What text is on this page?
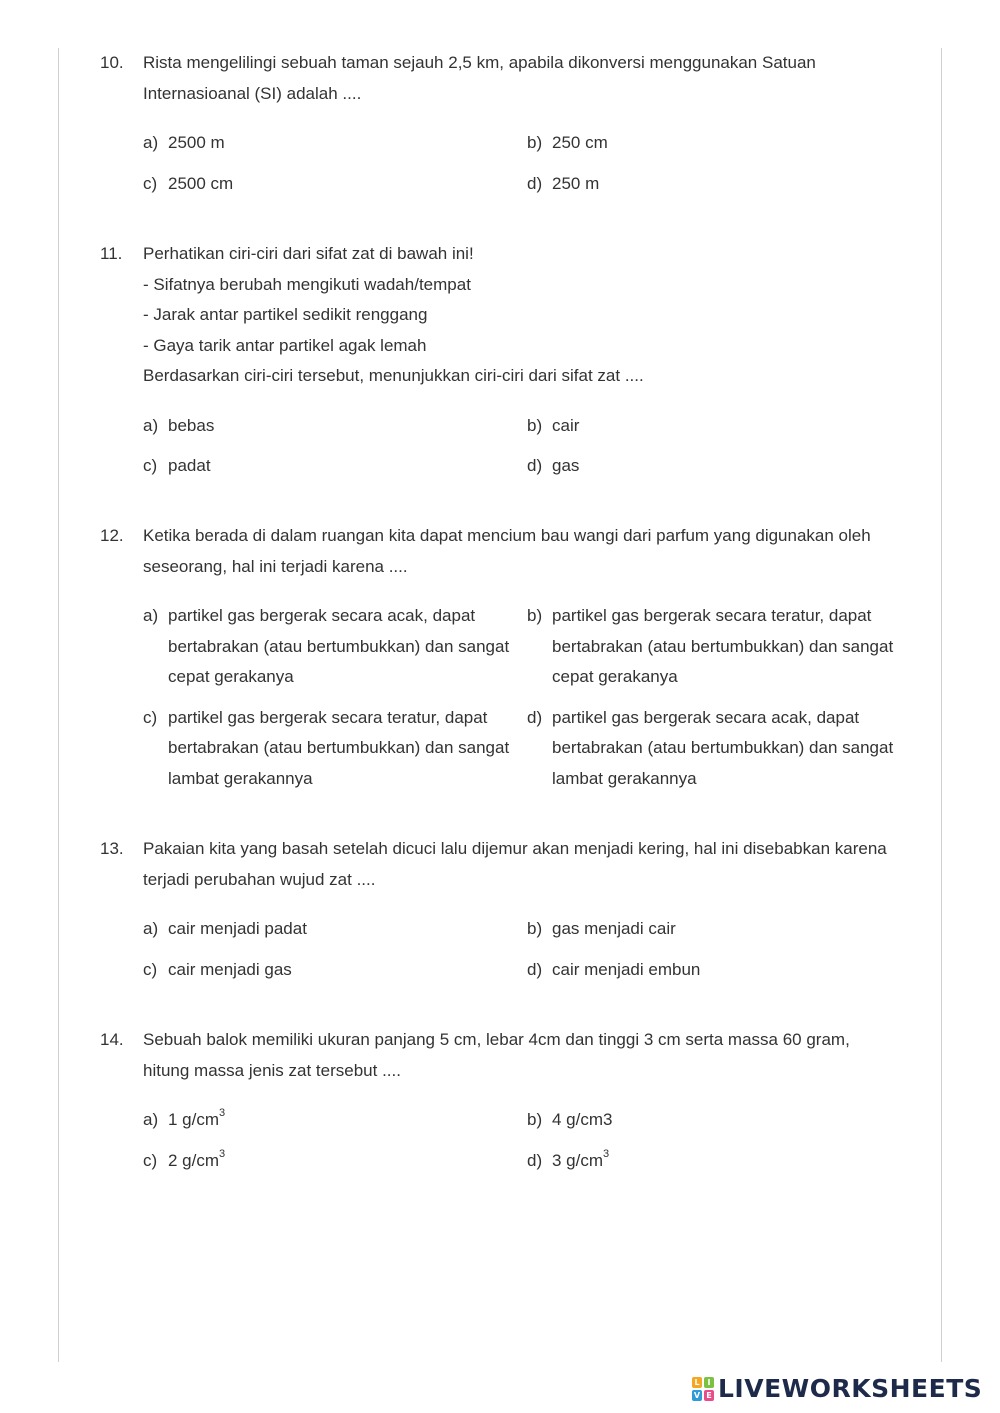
10.	Rista mengelilingi sebuah taman sejauh 2,5 km, apabila dikonversi menggunakan Satuan
Internasioanal (SI) adalah ....
a) 2500 m	b) 250 cm
c) 2500 cm	d) 250 m
11.	Perhatikan ciri-ciri dari sifat zat di bawah ini!
- Sifatnya berubah mengikuti wadah/tempat
- Jarak antar partikel sedikit renggang
- Gaya tarik antar partikel agak lemah
Berdasarkan ciri-ciri tersebut, menunjukkan ciri-ciri dari sifat zat ....
a) bebas	b) cair
c) padat	d) gas
12.	Ketika berada di dalam ruangan kita dapat mencium bau wangi dari parfum yang digunakan oleh
seseorang, hal ini terjadi karena ....
a) partikel gas bergerak secara acak, dapat bertabrakan (atau bertumbukkan) dan sangat cepat gerakanya
b) partikel gas bergerak secara teratur, dapat bertabrakan (atau bertumbukkan) dan sangat cepat gerakanya
c) partikel gas bergerak secara teratur, dapat bertabrakan (atau bertumbukkan) dan sangat lambat gerakannya
d) partikel gas bergerak secara acak, dapat bertabrakan (atau bertumbukkan) dan sangat lambat gerakannya
13.	Pakaian kita yang basah setelah dicuci lalu dijemur akan menjadi kering, hal ini disebabkan karena
terjadi perubahan wujud zat ....
a) cair menjadi padat	b) gas menjadi cair
c) cair menjadi gas	d) cair menjadi embun
14.	Sebuah balok memiliki ukuran panjang 5 cm, lebar 4cm dan tinggi 3 cm serta massa 60 gram,
hitung massa jenis zat tersebut ....
a) 1 $g/cm^3$	b) 4 g/cm3
c) 2 $g/cm^3$	d) 3 $g/cm^3$
L I
V E LIVEWORKSHEETS
